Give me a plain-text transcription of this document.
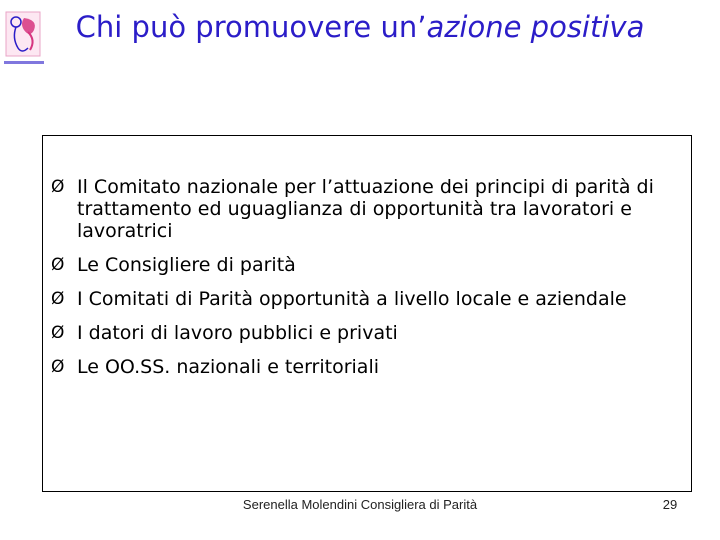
Chi può promuovere un’azione positiva
Ø Il Comitato nazionale per l’attuazione dei principi di parità di trattamento ed uguaglianza di opportunità tra lavoratori e lavoratrici
Ø Le Consigliere di parità
Ø I Comitati di Parità opportunità a livello locale e aziendale
Ø I datori di lavoro pubblici e privati
Ø Le OO.SS. nazionali e territoriali
Serenella Molendini Consigliera di Parità	29
